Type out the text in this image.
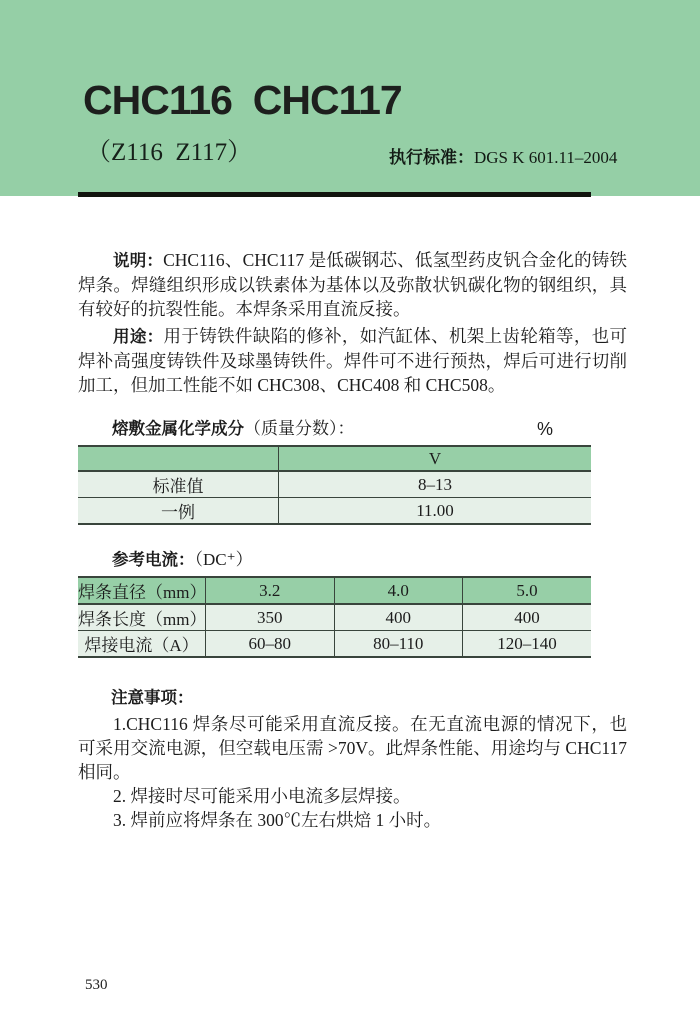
CHC116  CHC117
（Z116  Z117）	执行标准：DGS K 601.11–2004

说明：CHC116、CHC117 是低碳钢芯、低氢型药皮钒合金化的铸铁焊条。焊缝组织形成以铁素体为基体以及弥散状钒碳化物的钢组织，具有较好的抗裂性能。本焊条采用直流反接。

用途：用于铸铁件缺陷的修补，如汽缸体、机架上齿轮箱等，也可焊补高强度铸铁件及球墨铸铁件。焊件可不进行预热，焊后可进行切削加工，但加工性能不如 CHC308、CHC408 和 CHC508。

熔敷金属化学成分（质量分数）：	%
	V
标准值	8–13
一例	11.00
参考电流：（DC⁺）
焊条直径（mm）	3.2	4.0	5.0
焊条长度（mm）	350	400	400
焊接电流（A）	60–80	80–110	120–140

注意事项：

1.CHC116 焊条尽可能采用直流反接。在无直流电源的情况下，也可采用交流电源，但空载电压需 >70V。此焊条性能、用途均与 CHC117 相同。

2. 焊接时尽可能采用小电流多层焊接。

3. 焊前应将焊条在 300℃左右烘焙 1 小时。

530
